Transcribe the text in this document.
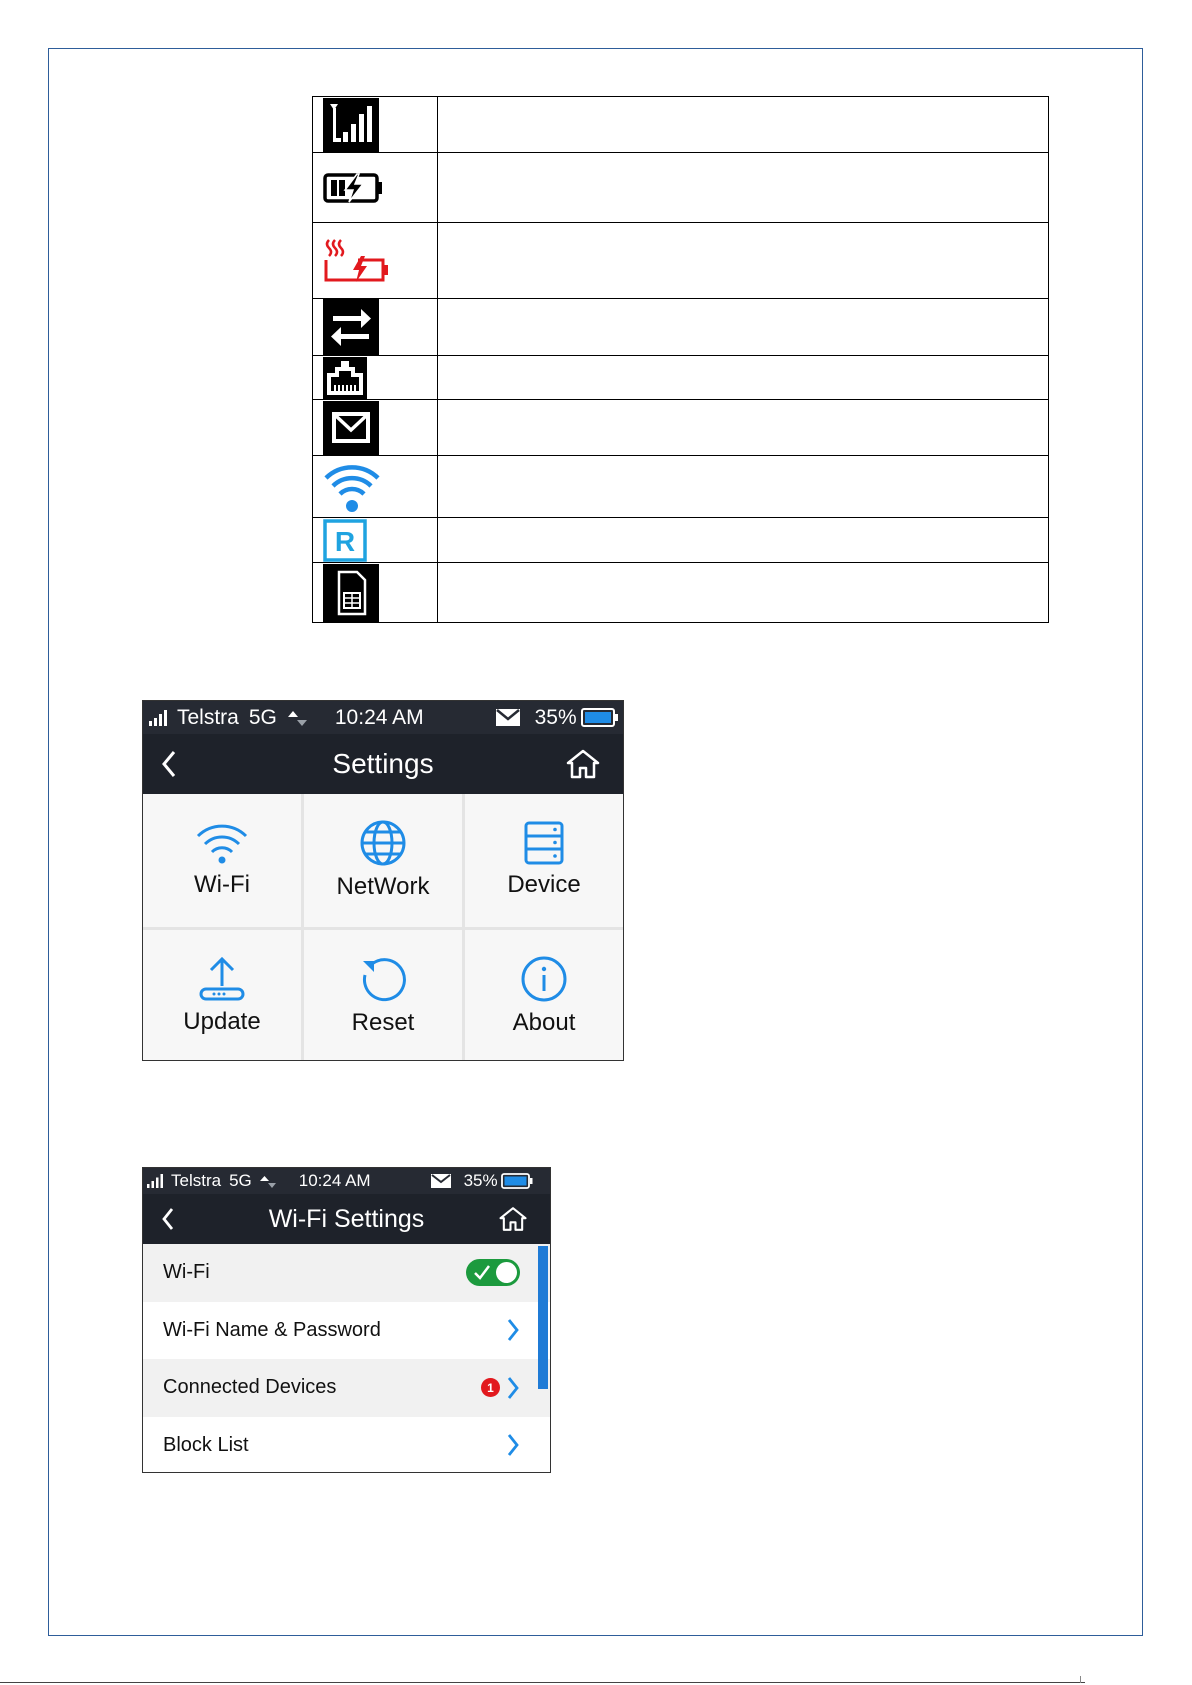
R	

Telstra 5G	10:24 AM	35%
Settings
Wi-Fi	NetWork	Device
Update	Reset	About
Telstra 5G	10:24 AM	35%
Wi-Fi Settings
Wi-Fi
Wi-Fi Name & Password
Connected Devices	1
Block List
